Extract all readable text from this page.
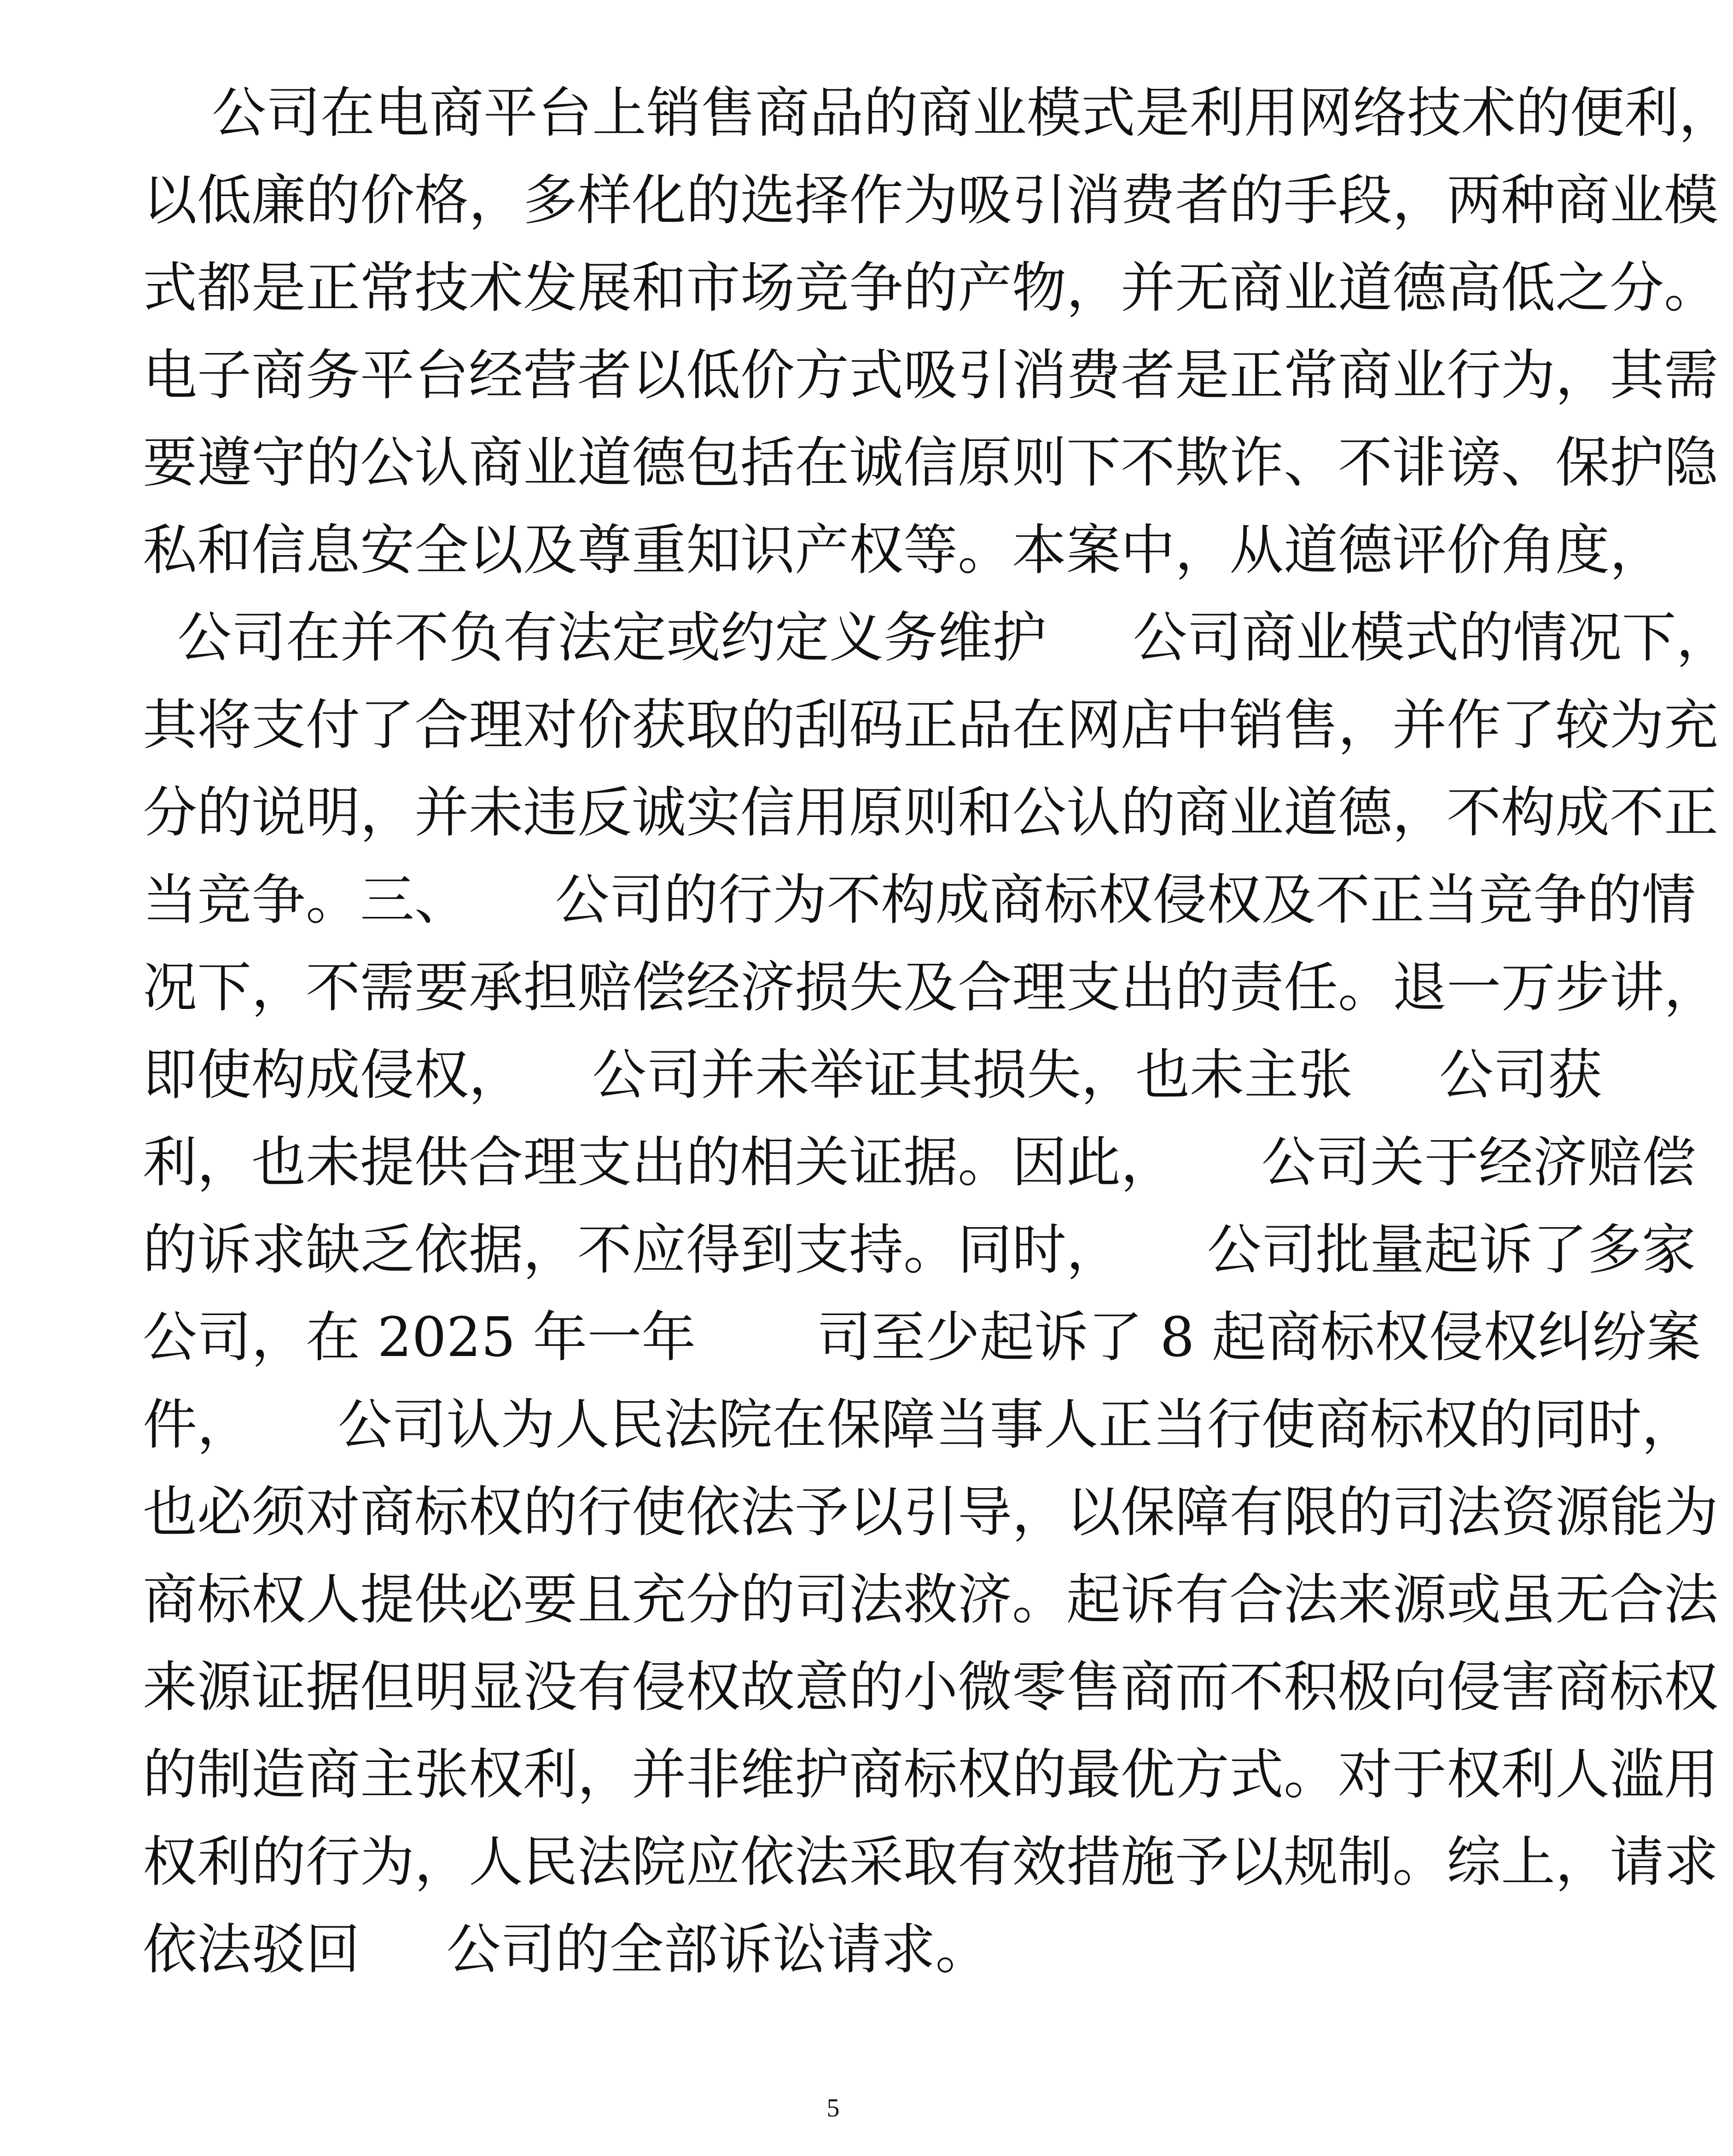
公司在电商平台上销售商品的商业模式是利用网络技术的便利，
以低廉的价格，多样化的选择作为吸引消费者的手段，两种商业模
式都是正常技术发展和市场竞争的产物，并无商业道德高低之分。
电子商务平台经营者以低价方式吸引消费者是正常商业行为，其需
要遵守的公认商业道德包括在诚信原则下不欺诈、不诽谤、保护隐
私和信息安全以及尊重知识产权等。本案中，从道德评价角度，
公司在并不负有法定或约定义务维护     公司商业模式的情况下，
其将支付了合理对价获取的刮码正品在网店中销售，并作了较为充
分的说明，并未违反诚实信用原则和公认的商业道德，不构成不正
当竞争。三、     公司的行为不构成商标权侵权及不正当竞争的情
况下，不需要承担赔偿经济损失及合理支出的责任。退一万步讲，
即使构成侵权，    公司并未举证其损失，也未主张     公司获
利，也未提供合理支出的相关证据。因此，     公司关于经济赔偿
的诉求缺乏依据，不应得到支持。同时，     公司批量起诉了多家
公司，在 2025 年一年       司至少起诉了 8 起商标权侵权纠纷案
件，     公司认为人民法院在保障当事人正当行使商标权的同时，
也必须对商标权的行使依法予以引导，以保障有限的司法资源能为
商标权人提供必要且充分的司法救济。起诉有合法来源或虽无合法
来源证据但明显没有侵权故意的小微零售商而不积极向侵害商标权
的制造商主张权利，并非维护商标权的最优方式。对于权利人滥用
权利的行为，人民法院应依法采取有效措施予以规制。综上，请求
依法驳回     公司的全部诉讼请求。
5
